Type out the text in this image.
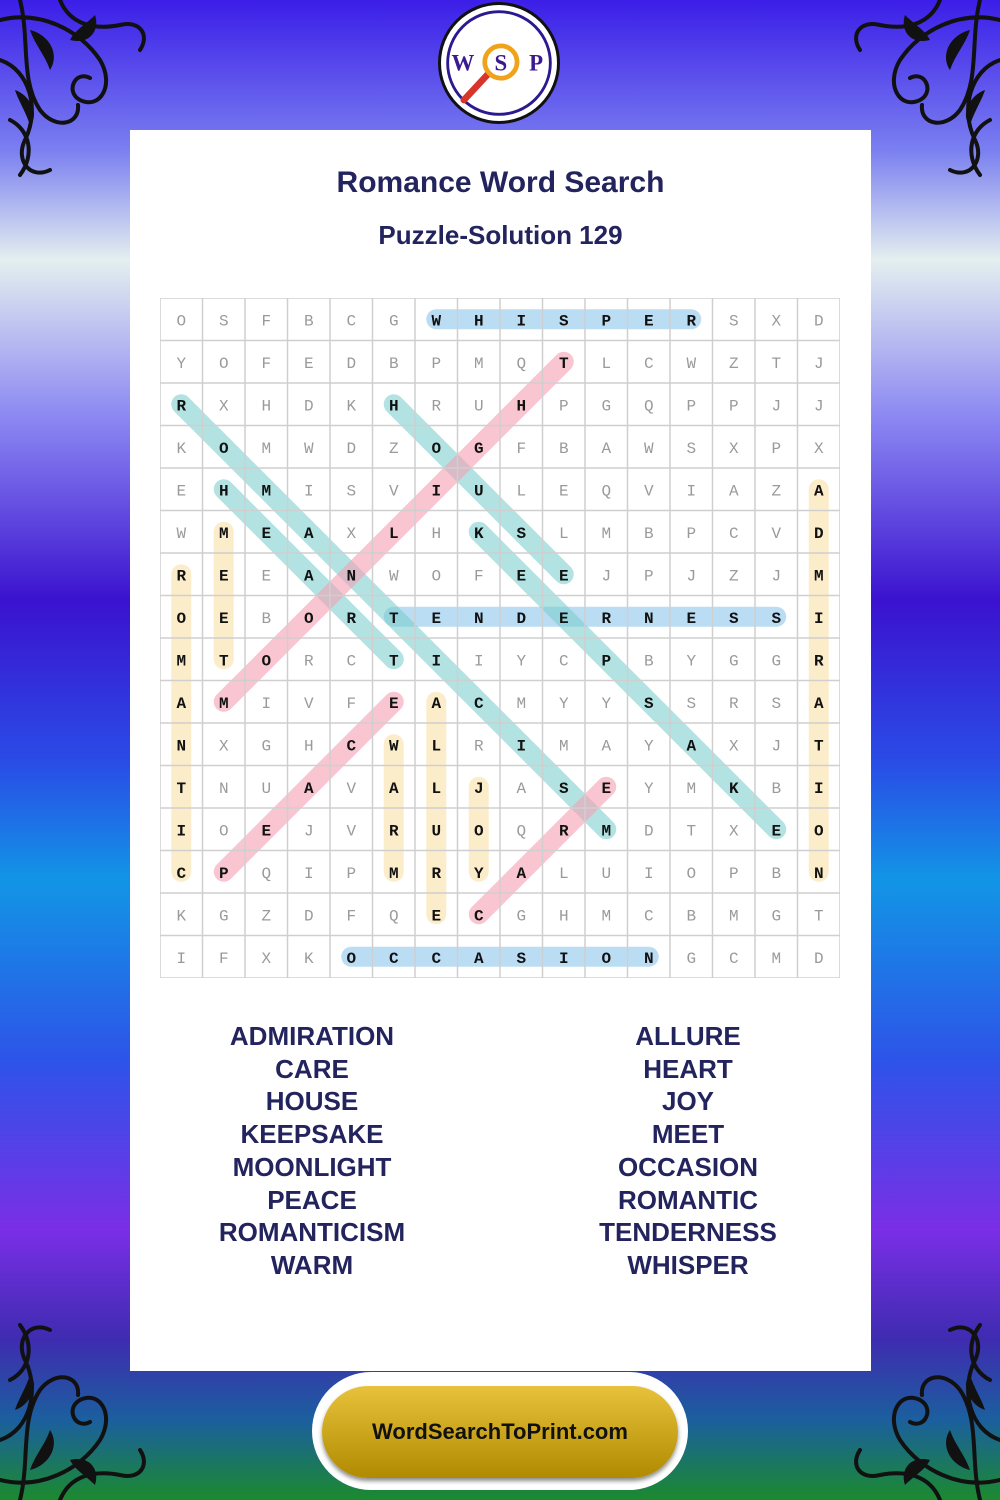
W S P
Romance Word Search
Puzzle-Solution 129
O S F B C G W H I S P E R S X D
Y O F E D B P M Q T L C W Z T J
R X H D K H R U H P G Q P P J J
K O M W D Z O G F B A W S X P X
E H M I S V I U L E Q V I A Z A
W M E A X L H K S L M B P C V D
R E E A N W O F E E J P J Z J M
O E B O R T E N D E R N E S S I
M T O R C T I I Y C P B Y G G R
A M I V F E A C M Y Y S S R S A
N X G H C W L R I M A Y A X J T
T N U A V A L J A S E Y M K B I
I O E J V R U O Q R M D T X E O
C P Q I P M R Y A L U I O P B N
K G Z D F Q E C G H M C B M G T
I F X K O C C A S I O N G C M D
ADMIRATION
CARE
HOUSE
KEEPSAKE
MOONLIGHT
PEACE
ROMANTICISM
WARM
ALLURE
HEART
JOY
MEET
OCCASION
ROMANTIC
TENDERNESS
WHISPER
WordSearchToPrint.com
